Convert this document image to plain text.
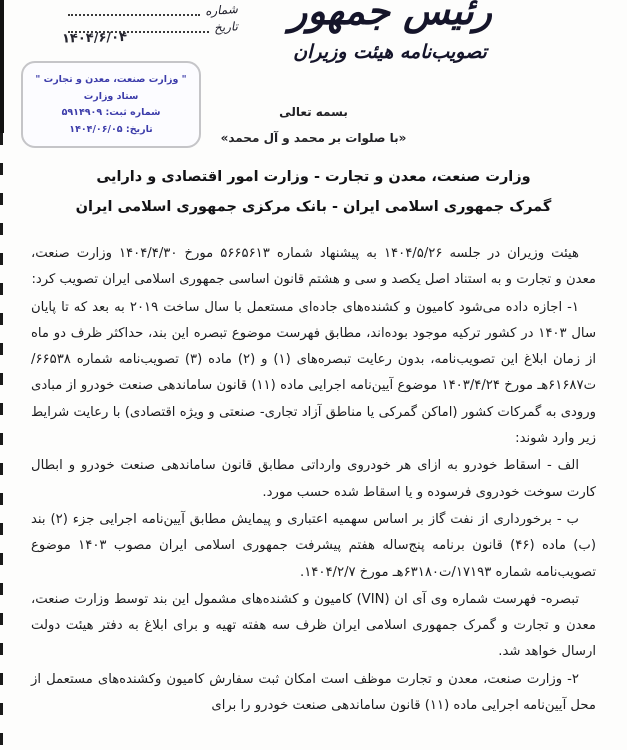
رئیس جمهور
تصویب‌نامه هیئت وزیران
شماره
تاریخ
۱۴۰۴/۶/۰۴
" وزارت صنعت، معدن و تجارت "
ستاد وزارت
شماره ثبت: ۵۹۱۴۹۰۹
تاریخ: ۱۴۰۴/۰۶/۰۵
بسمه تعالی
«با صلوات بر محمد و آل محمد»
وزارت صنعت، معدن و تجارت - وزارت امور اقتصادی و دارایی
گمرک جمهوری اسلامی ایران - بانک مرکزی جمهوری اسلامی ایران

هیئت وزیران در جلسه ۱۴۰۴/۵/۲۶ به پیشنهاد شماره ۵۶۶۵۶۱۳ مورخ ۱۴۰۴/۴/۳۰ وزارت صنعت، معدن و تجارت و به استناد اصل یکصد و سی و هشتم قانون اساسی جمهوری اسلامی ایران تصویب کرد:

۱- اجازه داده می‌شود کامیون و کشنده‌های جاده‌ای مستعمل با سال ساخت ۲۰۱۹ به بعد که تا پایان سال ۱۴۰۳ در کشور ترکیه موجود بوده‌اند، مطابق فهرست موضوع تبصره این بند، حداکثر ظرف دو ماه از زمان ابلاغ این تصویب‌نامه، بدون رعایت تبصره‌های (۱) و (۲) ماده (۳) تصویب‌نامه شماره ۶۶۵۳۸/ت۶۱۶۸۷هـ مورخ ۱۴۰۳/۴/۲۴ موضوع آیین‌نامه اجرایی ماده (۱۱) قانون ساماندهی صنعت خودرو از مبادی ورودی به گمرکات کشور (اماکن گمرکی یا مناطق آزاد تجاری- صنعتی و ویژه اقتصادی) با رعایت شرایط زیر وارد شوند:

الف - اسقاط خودرو به ازای هر خودروی وارداتی مطابق قانون ساماندهی صنعت خودرو و ابطال کارت سوخت خودروی فرسوده و یا اسقاط شده حسب مورد.

ب - برخورداری از نفت گاز بر اساس سهمیه اعتباری و پیمایش مطابق آیین‌نامه اجرایی جزء (۲) بند (ب) ماده (۴۶) قانون برنامه پنج‌ساله هفتم پیشرفت جمهوری اسلامی ایران مصوب ۱۴۰۳ موضوع تصویب‌نامه شماره ۱۷۱۹۳/ت۶۳۱۸۰هـ مورخ ۱۴۰۴/۲/۷.

تبصره- فهرست شماره وی آی ان (VIN) کامیون و کشنده‌های مشمول این بند توسط وزارت صنعت، معدن و تجارت و گمرک جمهوری اسلامی ایران ظرف سه هفته تهیه و برای ابلاغ به دفتر هیئت دولت ارسال خواهد شد.

۲- وزارت صنعت، معدن و تجارت موظف است امکان ثبت سفارش کامیون وکشنده‌های مستعمل از محل آیین‌نامه اجرایی ماده (۱۱) قانون ساماندهی صنعت خودرو را برای
